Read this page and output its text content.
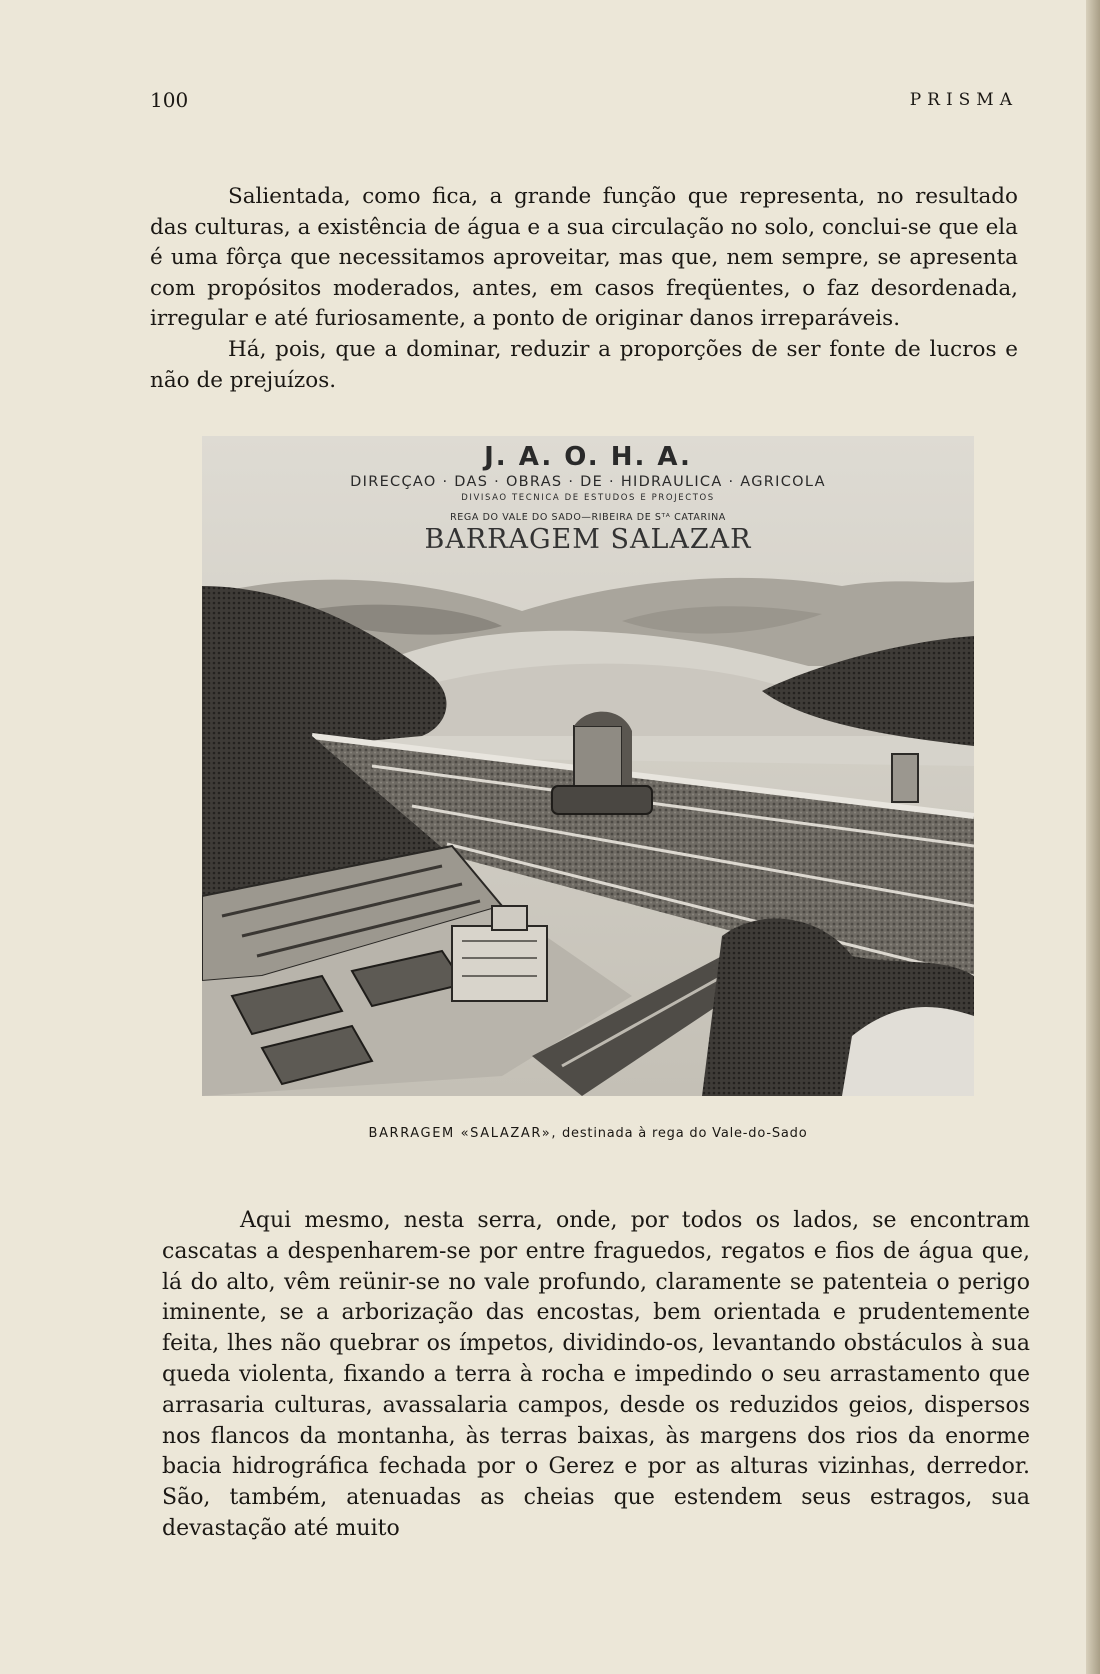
100	PRISMA

Salientada, como fica, a grande função que representa, no resultado das culturas, a existência de água e a sua circulação no solo, conclui-se que ela é uma fôrça que necessitamos aproveitar, mas que, nem sempre, se apresenta com propósitos moderados, antes, em casos freqüentes, o faz desordenada, irregular e até furiosamente, a ponto de originar danos irreparáveis.

Há, pois, que a dominar, reduzir a proporções de ser fonte de lucros e não de prejuízos.

J. A. O. H. A.
DIRECÇAO · DAS · OBRAS · DE · HIDRAULICA · AGRICOLA
DIVISAO TECNICA DE ESTUDOS E PROJECTOS
REGA DO VALE DO SADO—RIBEIRA DE Sᵀᴬ CATARINA
BARRAGEM SALAZAR
BARRAGEM «SALAZAR», destinada à rega do Vale-do-Sado

Aqui mesmo, nesta serra, onde, por todos os lados, se encontram cascatas a despenharem-se por entre fraguedos, regatos e fios de água que, lá do alto, vêm reünir-se no vale profundo, claramente se patenteia o perigo iminente, se a arborização das encostas, bem orientada e prudentemente feita, lhes não quebrar os ímpetos, dividindo-os, levantando obstáculos à sua queda violenta, fixando a terra à rocha e impedindo o seu arrastamento que arrasaria culturas, avassalaria campos, desde os reduzidos geios, dispersos nos flancos da montanha, às terras baixas, às margens dos rios da enorme bacia hidrográfica fechada por o Gerez e por as alturas vizinhas, derredor. São, também, atenuadas as cheias que estendem seus estragos, sua devastação até muito
